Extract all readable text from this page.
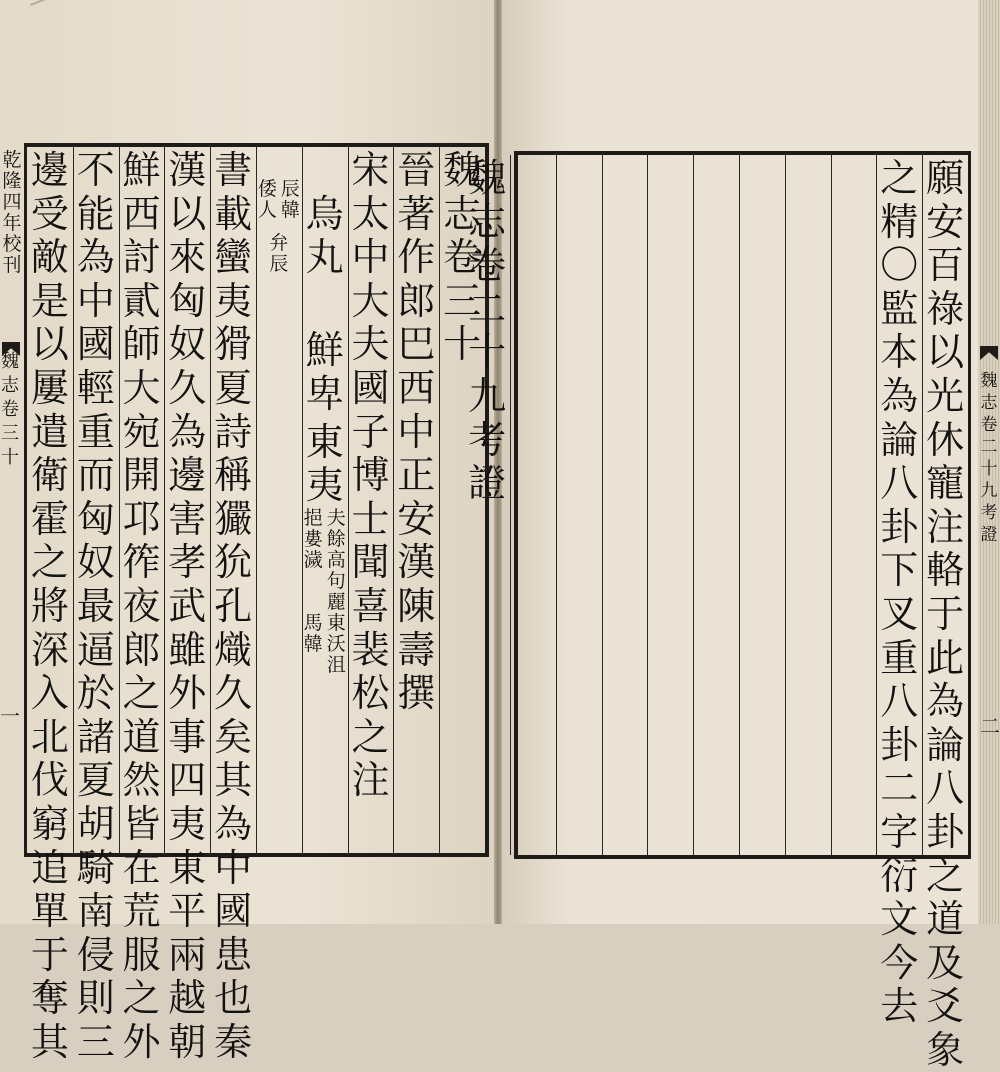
乾
隆
四
年
校
刊
魏
志
卷
三
十
一
魏
志
卷
二
十
九
考
證
二
魏
志
卷
三
十
晉
著
作
郎
巴
西
中
正
安
漢
陳
壽
撰
宋
太
中
大
夫
國
子
博
士
聞
喜
裴
松
之
注
烏
丸
鮮
卑
東
夷
夫
餘
挹
婁
高
句
麗
濊
東
沃
沮
馬
韓
辰
韓
倭
人
弁
辰
書
載
蠻
夷
猾
夏
詩
稱
玁
狁
孔
熾
久
矣
其
為
中
國
患
也
秦
漢
以
來
匈
奴
久
為
邊
害
孝
武
雖
外
事
四
夷
東
平
兩
越
朝
鮮
西
討
貳
師
大
宛
開
邛
筰
夜
郎
之
道
然
皆
在
荒
服
之
外
不
能
為
中
國
輕
重
而
匈
奴
最
逼
於
諸
夏
胡
騎
南
侵
則
三
邊
受
敵
是
以
屢
遣
衛
霍
之
將
深
入
北
伐
窮
追
單
于
奪
其
願
安
百
祿
以
光
休
寵
注
輅
于
此
為
論
八
卦
之
道
及
爻
象
之
精
〇
監
本
為
論
八
卦
下
叉
重
八
卦
二
字
衍
文
今
去
魏
志
卷
二
十
九
考
證
